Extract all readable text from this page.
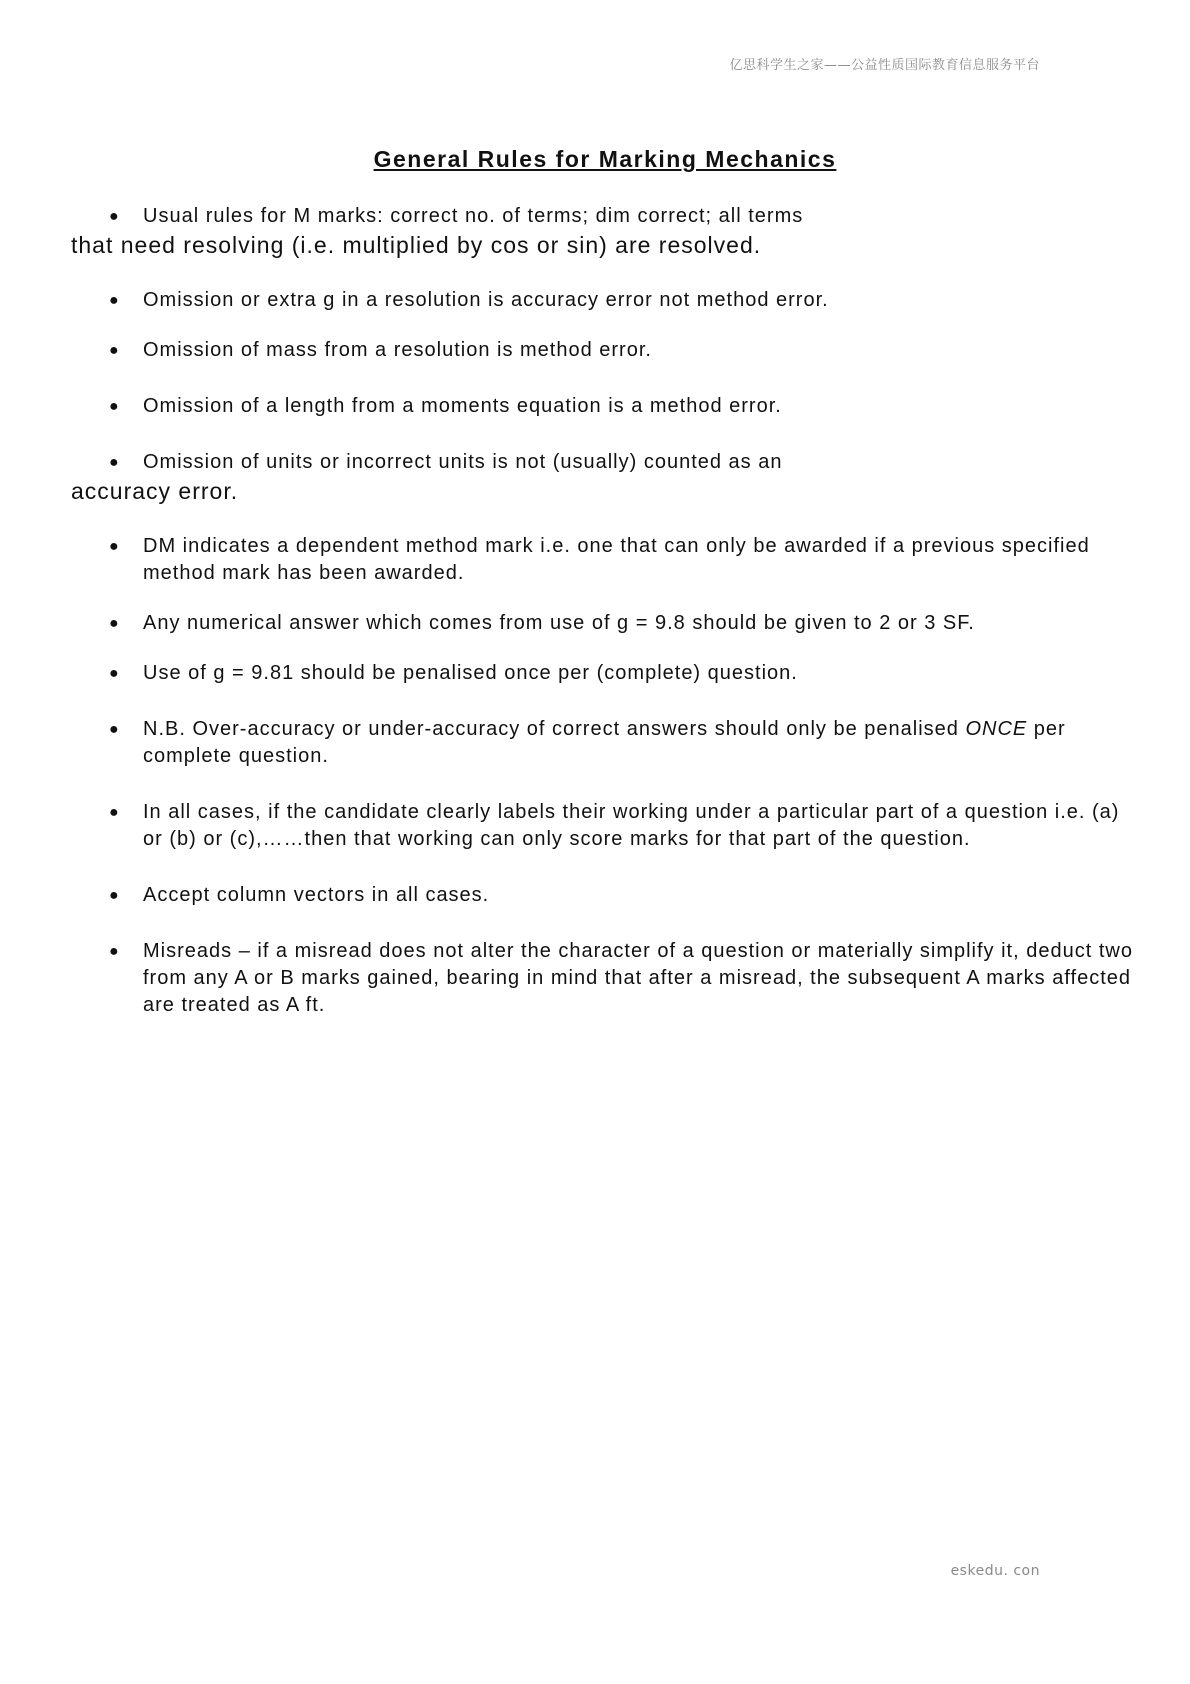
亿思科学生之家——公益性质国际教育信息服务平台
General Rules for Marking Mechanics
● Usual rules for M marks: correct no. of terms; dim correct; all terms
that need resolving (i.e. multiplied by cos or sin) are resolved.
● Omission or extra g in a resolution is accuracy error not method error.
● Omission of mass from a resolution is method error.
● Omission of a length from a moments equation is a method error.
● Omission of units or incorrect units is not (usually) counted as an
accuracy error.
● DM indicates a dependent method mark i.e. one that can only be awarded if a previous specified method mark has been awarded.
● Any numerical answer which comes from use of g = 9.8 should be given to 2 or 3 SF.
● Use of g = 9.81 should be penalised once per (complete) question.
● N.B. Over-accuracy or under-accuracy of correct answers should only be penalised ONCE per complete question.
● In all cases, if the candidate clearly labels their working under a particular part of a question i.e. (a) or (b) or (c),……then that working can only score marks for that part of the question.
● Accept column vectors in all cases.
● Misreads – if a misread does not alter the character of a question or materially simplify it, deduct two from any A or B marks gained, bearing in mind that after a misread, the subsequent A marks affected are treated as A ft.
eskedu. con
